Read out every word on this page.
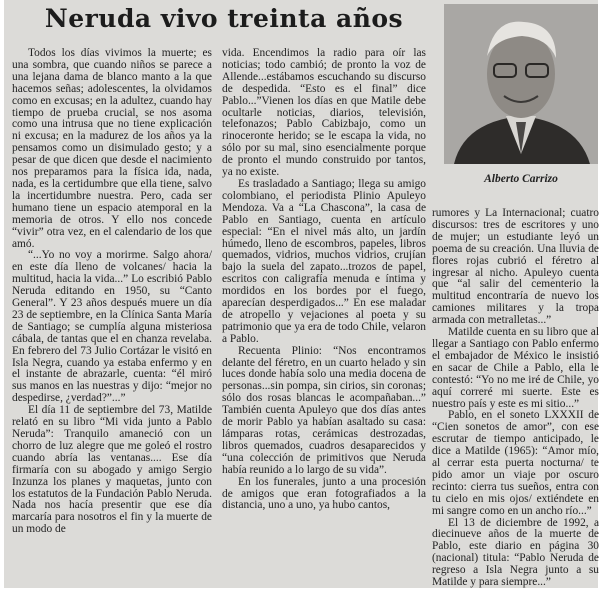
Neruda vivo treinta años

Todos los días vivimos la muerte; es una sombra, que cuando niños se parece a una lejana dama de blanco manto a la que hacemos señas; adolescentes, la olvidamos como en excusas; en la adultez, cuando hay tiempo de prueba crucial, se nos asoma como una intrusa que no tiene explicación ni excusa; en la madurez de los años ya la pensamos como un disimulado gesto; y a pesar de que dicen que desde el nacimiento nos preparamos para la física ida, nada, nada, es la certidumbre que ella tiene, salvo la incertidumbre nuestra. Pero, cada ser humano tiene un espacio atemporal en la memoria de otros. Y ello nos concede “vivir” otra vez, en el calendario de los que amó.

“...Yo no voy a morirme. Salgo ahora/ en este día lleno de volcanes/ hacia la multitud, hacia la vida...” Lo escribió Pablo Neruda editando en 1950, su “Canto General”. Y 23 años después muere un día 23 de septiembre, en la Clínica Santa María de Santiago; se cumplía alguna misteriosa cábala, de tantas que el en chanza revelaba. En febrero del 73 Julio Cortázar le visitó en Isla Negra, cuando ya estaba enfermo y en el instante de abrazarle, cuenta: “él miró sus manos en las nuestras y dijo: “mejor no despedirse, ¿verdad?”...”

El día 11 de septiembre del 73, Matilde relató en su libro “Mi vida junto a Pablo Neruda”: Tranquilo amaneció con un chorro de luz alegre que me goleó el rostro cuando abría las ventanas.... Ese día firmaría con su abogado y amigo Sergio Inzunza los planes y maquetas, junto con los estatutos de la Fundación Pablo Neruda. Nada nos hacía presentir que ese día marcaría para nosotros el fin y la muerte de un modo de

vida. Encendimos la radio para oír las noticias; todo cambió; de pronto la voz de Allende...estábamos escuchando su discurso de despedida. “Esto es el final” dice Pablo...”Vienen los días en que Matile debe ocultarle noticias, diarios, televisión, telefonazos; Pablo Cabizbajo, como un rinoceronte herido; se le escapa la vida, no sólo por su mal, sino esencialmente porque de pronto el mundo construido por tantos, ya no existe.

Es trasladado a Santiago; llega su amigo colombiano, el periodista Plinio Apuleyo Mendoza. Va a “La Chascona”, la casa de Pablo en Santiago, cuenta en artículo especial: “En el nivel más alto, un jardín húmedo, lleno de escombros, papeles, libros quemados, vidrios, muchos vidrios, crujían bajo la suela del zapato...trozos de papel, escritos con caligrafía menuda e íntima y mordidos en los bordes por el fuego, aparecían desperdigados...” En ese maladar de atropello y vejaciones al poeta y su patrimonio que ya era de todo Chile, velaron a Pablo.

Recuenta Plinio: “Nos encontramos delante del féretro, en un cuarto helado y sin luces donde había solo una media docena de personas...sin pompa, sin cirios, sin coronas; sólo dos rosas blancas le acompañaban...” También cuenta Apuleyo que dos días antes de morir Pablo ya habían asaltado su casa: lámparas rotas, cerámicas destrozadas, libros quemados, cuadros desaparecidos y “una colección de primitivos que Neruda había reunido a lo largo de su vida”.

En los funerales, junto a una procesión de amigos que eran fotografiados a la distancia, uno a uno, ya hubo cantos,

Alberto Carrizo

rumores y La Internacional; cuatro discursos: tres de escritores y uno de mujer; un estudiante leyó un poema de su creación. Una lluvia de flores rojas cubrió el féretro al ingresar al nicho. Apuleyo cuenta que “al salir del cementerio la multitud encontraría de nuevo los camiones militares y la tropa armada con metralletas...”

Matilde cuenta en su libro que al llegar a Santiago con Pablo enfermo el embajador de México le insistió en sacar de Chile a Pablo, ella le contestó: “Yo no me iré de Chile, yo aquí correré mi suerte. Este es nuestro país y este es mi sitio...”

Pablo, en el soneto LXXXII de “Cien sonetos de amor”, con ese escrutar de tiempo anticipado, le dice a Matilde (1965): “Amor mío, al cerrar esta puerta nocturna/ te pido amor un viaje por oscuro recinto: cierra tus sueños, entra con tu cielo en mis ojos/ extiéndete en mi sangre como en un ancho río...”

El 13 de diciembre de 1992, a diecinueve años de la muerte de Pablo, este diario en página 30 (nacional) titula: “Pablo Neruda de regreso a Isla Negra junto a su Matilde y para siempre...”
